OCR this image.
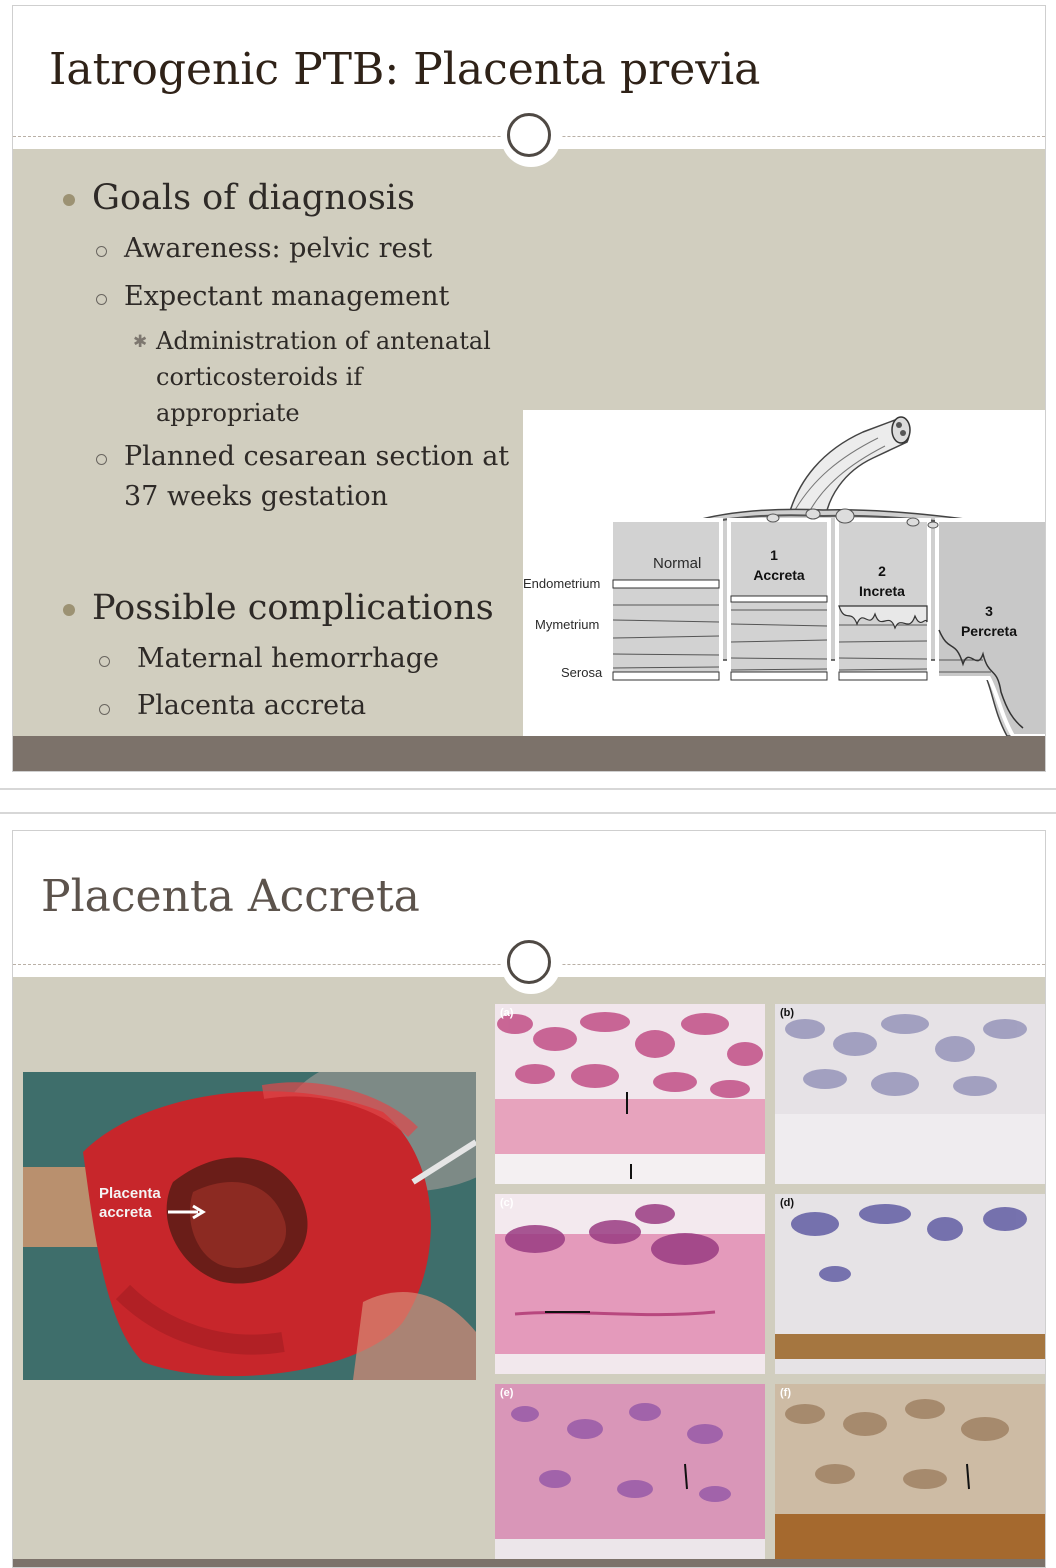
Iatrogenic PTB: Placenta previa
Goals of diagnosis
Awareness: pelvic rest
Expectant management
✱ Administration of antenatal
corticosteroids if
appropriate
Planned cesarean section at
37 weeks gestation
Possible complications
Maternal hemorrhage
Placenta accreta
Endometrium
Mymetrium
Serosa
Normal	1
Accreta	2
Increta
3
Percreta
Placenta Accreta
Placenta
accreta
(a)	(b)
(c)	(d)
(e)	(f)
